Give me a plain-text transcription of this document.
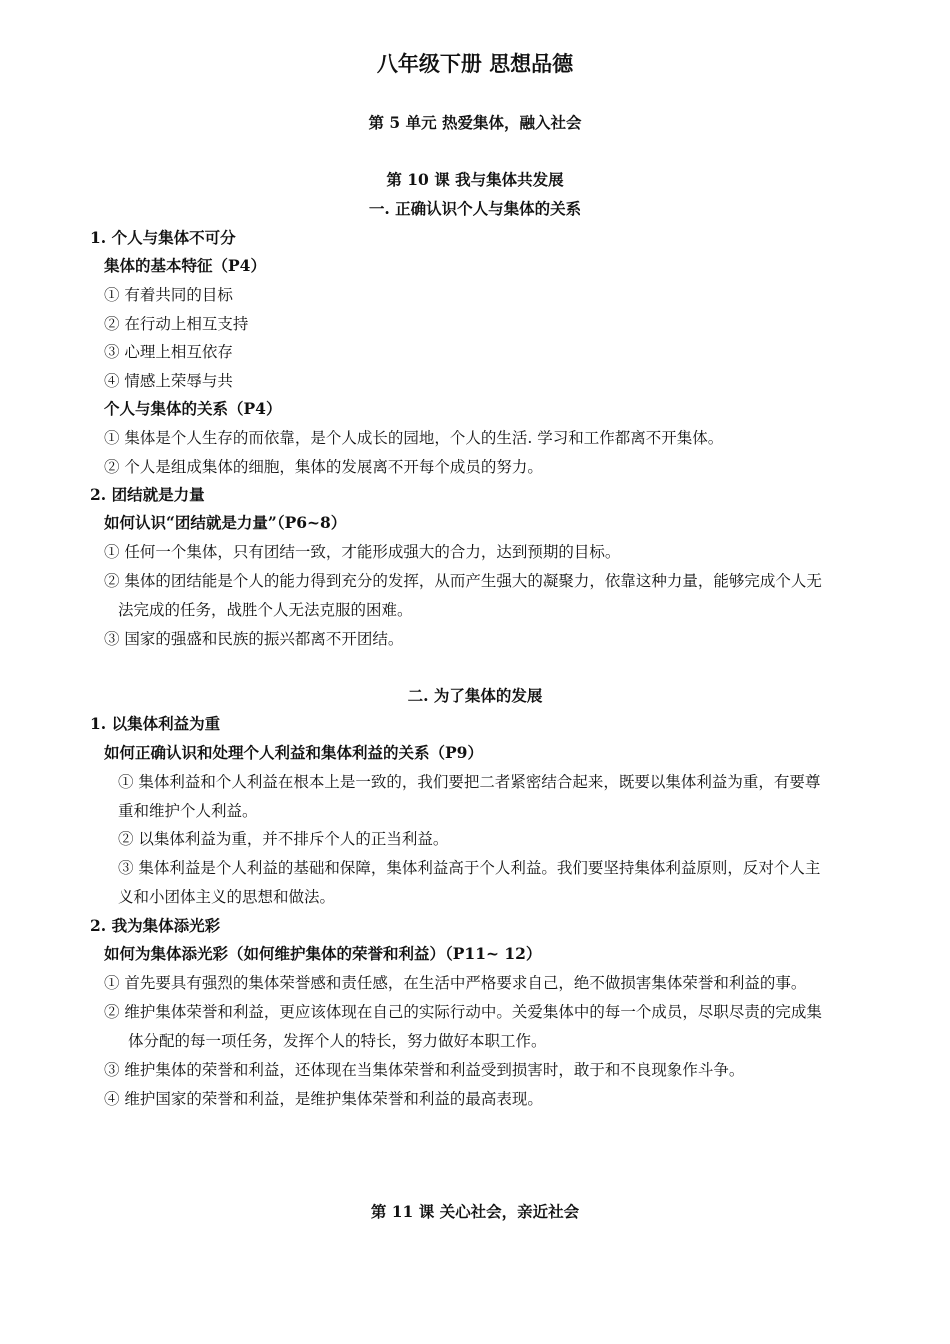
八年级下册 思想品德
第 5 单元 热爱集体，融入社会
第 10 课 我与集体共发展
一. 正确认识个人与集体的关系
1. 个人与集体不可分
集体的基本特征（P4）
① 有着共同的目标
② 在行动上相互支持
③ 心理上相互依存
④ 情感上荣辱与共
个人与集体的关系（P4）
① 集体是个人生存的而依靠，是个人成长的园地，个人的生活. 学习和工作都离不开集体。
② 个人是组成集体的细胞，集体的发展离不开每个成员的努力。
2. 团结就是力量
如何认识“团结就是力量”（P6~8）
① 任何一个集体，只有团结一致，才能形成强大的合力，达到预期的目标。
② 集体的团结能是个人的能力得到充分的发挥，从而产生强大的凝聚力，依靠这种力量，能够完成个人无
法完成的任务，战胜个人无法克服的困难。
③ 国家的强盛和民族的振兴都离不开团结。
二. 为了集体的发展
1. 以集体利益为重
如何正确认识和处理个人利益和集体利益的关系（P9）
① 集体利益和个人利益在根本上是一致的，我们要把二者紧密结合起来，既要以集体利益为重，有要尊
重和维护个人利益。
② 以集体利益为重，并不排斥个人的正当利益。
③ 集体利益是个人利益的基础和保障，集体利益高于个人利益。我们要坚持集体利益原则，反对个人主
义和小团体主义的思想和做法。
2. 我为集体添光彩
如何为集体添光彩（如何维护集体的荣誉和利益）（P11~ 12）
① 首先要具有强烈的集体荣誉感和责任感，在生活中严格要求自己，绝不做损害集体荣誉和利益的事。
② 维护集体荣誉和利益，更应该体现在自己的实际行动中。关爱集体中的每一个成员，尽职尽责的完成集
体分配的每一项任务，发挥个人的特长，努力做好本职工作。
③ 维护集体的荣誉和利益，还体现在当集体荣誉和利益受到损害时，敢于和不良现象作斗争。
④ 维护国家的荣誉和利益，是维护集体荣誉和利益的最高表现。
第 11 课 关心社会，亲近社会
